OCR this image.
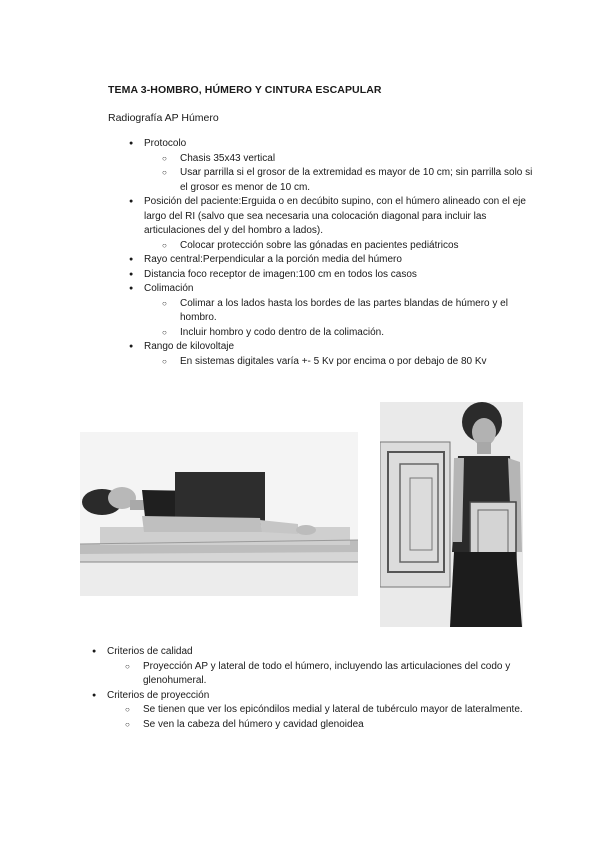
TEMA 3-HOMBRO, HÚMERO Y CINTURA ESCAPULAR
Radiografía AP Húmero
● Protocolo
○ Chasis 35x43 vertical
○ Usar parrilla si el grosor de la extremidad es mayor de 10 cm; sin parrilla solo si el grosor es menor de 10 cm.
● Posición del paciente:Erguida o en decúbito supino, con el húmero alineado con el eje largo del RI (salvo que sea necesaria una colocación diagonal para incluir las articulaciones del y del hombro a lados).
○ Colocar protección sobre las gónadas en pacientes pediátricos
● Rayo central:Perpendicular a la porción media del húmero
● Distancia foco receptor de imagen:100 cm en todos los casos
● Colimación
○ Colimar a los lados hasta los bordes de las partes blandas de húmero y el hombro.
○ Incluir hombro y codo dentro de la colimación.
● Rango de kilovoltaje
○ En sistemas digitales varía +- 5 Kv por encima o por debajo de 80 Kv
● Criterios de calidad
○ Proyección AP y lateral de todo el húmero, incluyendo las articulaciones del codo y glenohumeral.
● Criterios de proyección
○ Se tienen que ver los epicóndilos medial y lateral de tubérculo mayor de lateralmente.
○ Se ven la cabeza del húmero y cavidad glenoidea
